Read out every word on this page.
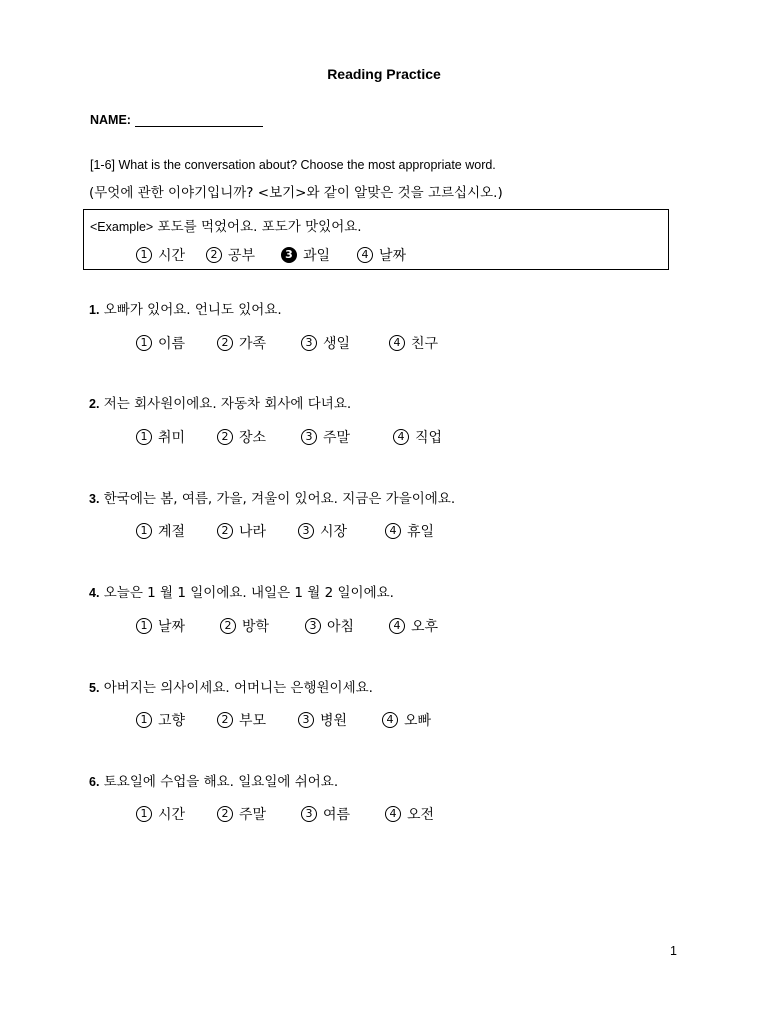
Reading Practice
NAME:
[1-6] What is the conversation about? Choose the most appropriate word.
(무엇에 관한 이야기입니까? <보기>와 같이 알맞은 것을 고르십시오.)
<Example> 포도를 먹었어요. 포도가 맛있어요.
1 시간	2 공부	3 과일	4 날짜
1. 오빠가 있어요. 언니도 있어요.
1 이름	2 가족	3 생일	4 친구
2. 저는 회사원이에요. 자동차 회사에 다녀요.
1 취미	2 장소	3 주말	4 직업
3. 한국에는 봄, 여름, 가을, 겨울이 있어요. 지금은 가을이에요.
1 계절	2 나라	3 시장	4 휴일
4. 오늘은 1 월 1 일이에요. 내일은 1 월 2 일이에요.
1 날짜	2 방학	3 아침	4 오후
5. 아버지는 의사이세요. 어머니는 은행원이세요.
1 고향	2 부모	3 병원	4 오빠
6. 토요일에 수업을 해요. 일요일에 쉬어요.
1 시간	2 주말	3 여름	4 오전
1
